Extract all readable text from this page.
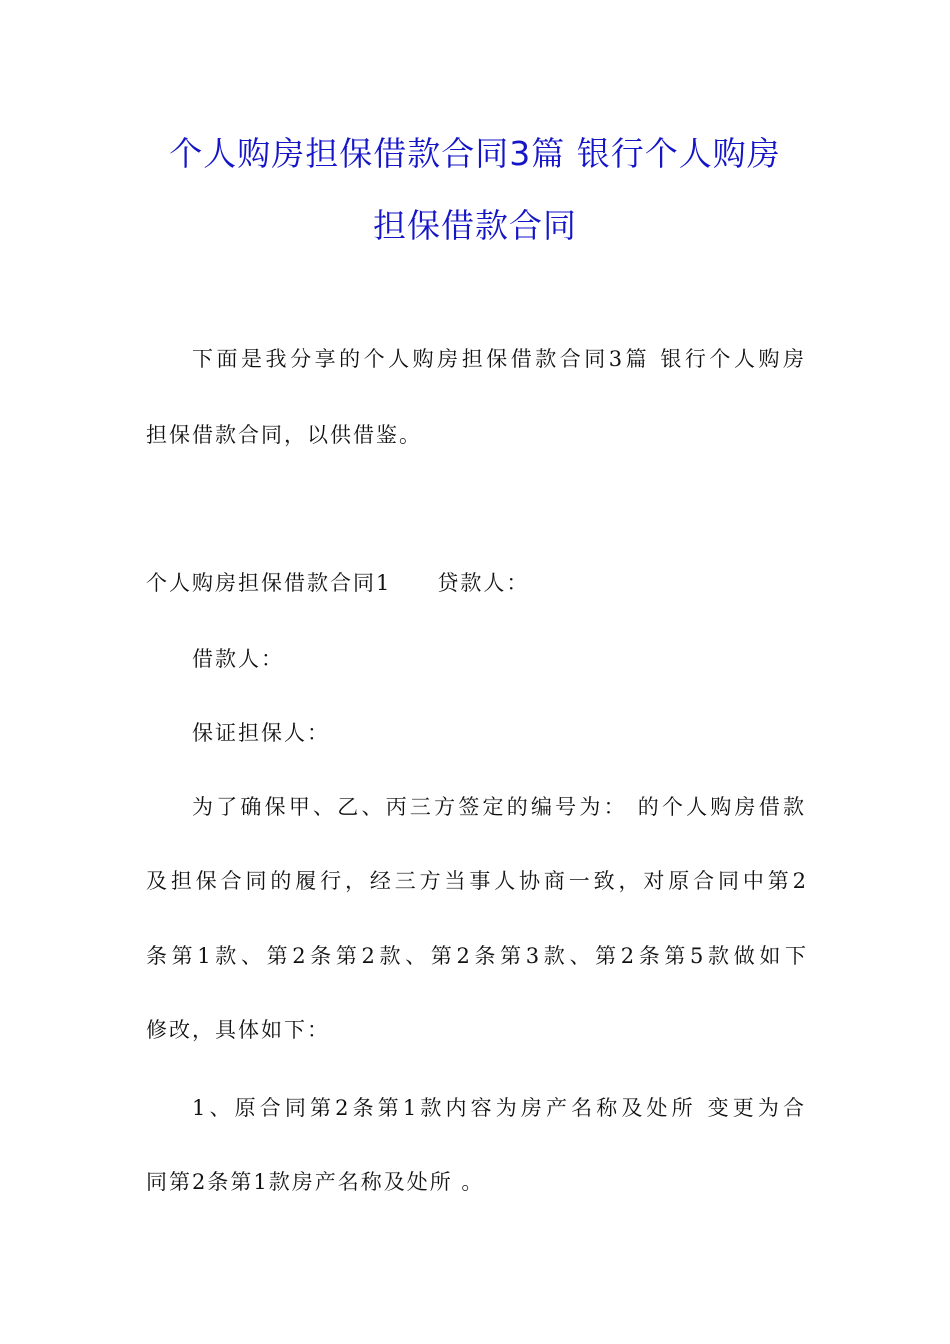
个人购房担保借款合同3篇 银行个人购房
担保借款合同
下面是我分享的个人购房担保借款合同3篇 银行个人购房
担保借款合同，以供借鉴。
个人购房担保借款合同1 贷款人：
借款人：
保证担保人：
为了确保甲、乙、丙三方签定的编号为： 的个人购房借款
及担保合同的履行，经三方当事人协商一致，对原合同中第2
条第1款、第2条第2款、第2条第3款、第2条第5款做如下
修改，具体如下：
1、原合同第2条第1款内容为房产名称及处所 变更为合
同第2条第1款房产名称及处所 。
